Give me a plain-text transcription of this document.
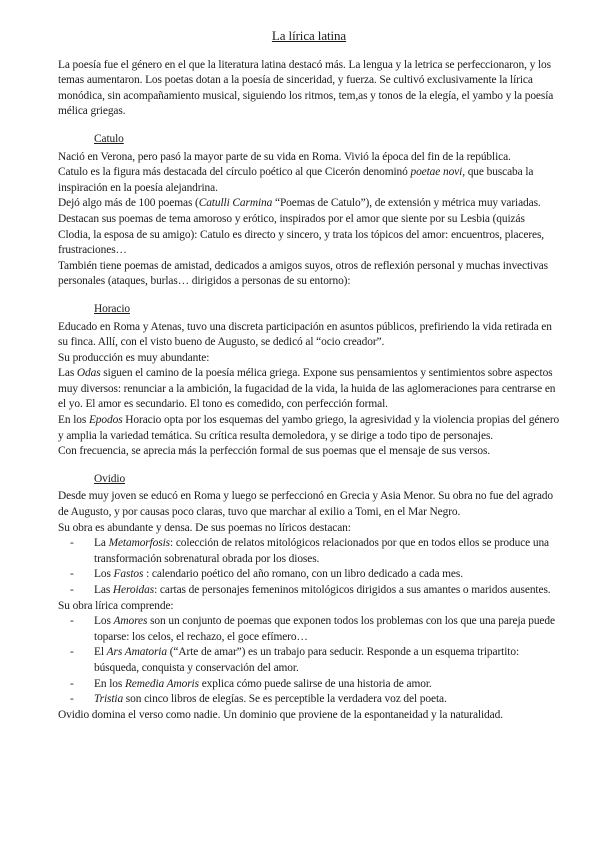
La lírica latina

La poesía fue el género en el que la literatura latina destacó más. La lengua y la letrica se perfeccionaron, y los temas aumentaron. Los poetas dotan a la poesía de sinceridad, y fuerza. Se cultivó exclusivamente la lírica monódica, sin acompañamiento musical, siguiendo los ritmos, tem,as y tonos de la elegía, el yambo y la poesía mélica griegas.

Catulo

Nació en Verona, pero pasó la mayor parte de su vida en Roma. Vivió la época del fin de la república.

Catulo es la figura más destacada del círculo poético al que Cicerón denominó poetae novi, que buscaba la inspiración en la poesía alejandrina.

Dejó algo más de 100 poemas (Catulli Carmina “Poemas de Catulo”), de extensión y métrica muy variadas.

Destacan sus poemas de tema amoroso y erótico, inspirados por el amor que siente por su Lesbia (quizás Clodia, la esposa de su amigo): Catulo es directo y sincero, y trata los tópicos del amor: encuentros, placeres, frustraciones…

También tiene poemas de amistad, dedicados a amigos suyos, otros de reflexión personal y muchas invectivas personales (ataques, burlas… dirigidos a personas de su entorno):

Horacio

Educado en Roma y Atenas, tuvo una discreta participación en asuntos públicos, prefiriendo la vida retirada en su finca. Allí, con el visto bueno de Augusto, se dedicó al “ocio creador”.

Su producción es muy abundante:

Las Odas siguen el camino de la poesía mélica griega. Expone sus pensamientos y sentimientos sobre aspectos muy diversos: renunciar a la ambición, la fugacidad de la vida, la huida de las aglomeraciones para centrarse en el yo. El amor es secundario. El tono es comedido, con perfección formal.

En los Epodos Horacio opta por los esquemas del yambo griego, la agresividad y la violencia propias del género y amplia la variedad temática. Su crítica resulta demoledora, y se dirige a todo tipo de personajes.

Con frecuencia, se aprecia más la perfección formal de sus poemas que el mensaje de sus versos.

Ovidio

Desde muy joven se educó en Roma y luego se perfeccionó en Grecia y Asia Menor. Su obra no fue del agrado de Augusto, y por causas poco claras, tuvo que marchar al exilio a Tomi, en el Mar Negro.

Su obra es abundante y densa. De sus poemas no líricos destacan:

- La Metamorfosis: colección de relatos mitológicos relacionados por que en todos ellos se produce una transformación sobrenatural obrada por los dioses.
- Los Fastos : calendario poético del año romano, con un libro dedicado a cada mes.
- Las Heroidas: cartas de personajes femeninos mitológicos dirigidos a sus amantes o maridos ausentes.

Su obra lírica comprende:

- Los Amores son un conjunto de poemas que exponen todos los problemas con los que una pareja puede toparse: los celos, el rechazo, el goce efímero…
- El Ars Amatoria (“Arte de amar”) es un trabajo para seducir. Responde a un esquema tripartito: búsqueda, conquista y conservación del amor.
- En los Remedia Amoris explica cómo puede salirse de una historia de amor.
- Tristia son cinco libros de elegías. Se es perceptible la verdadera voz del poeta.

Ovidio domina el verso como nadie. Un dominio que proviene de la espontaneidad y la naturalidad.
